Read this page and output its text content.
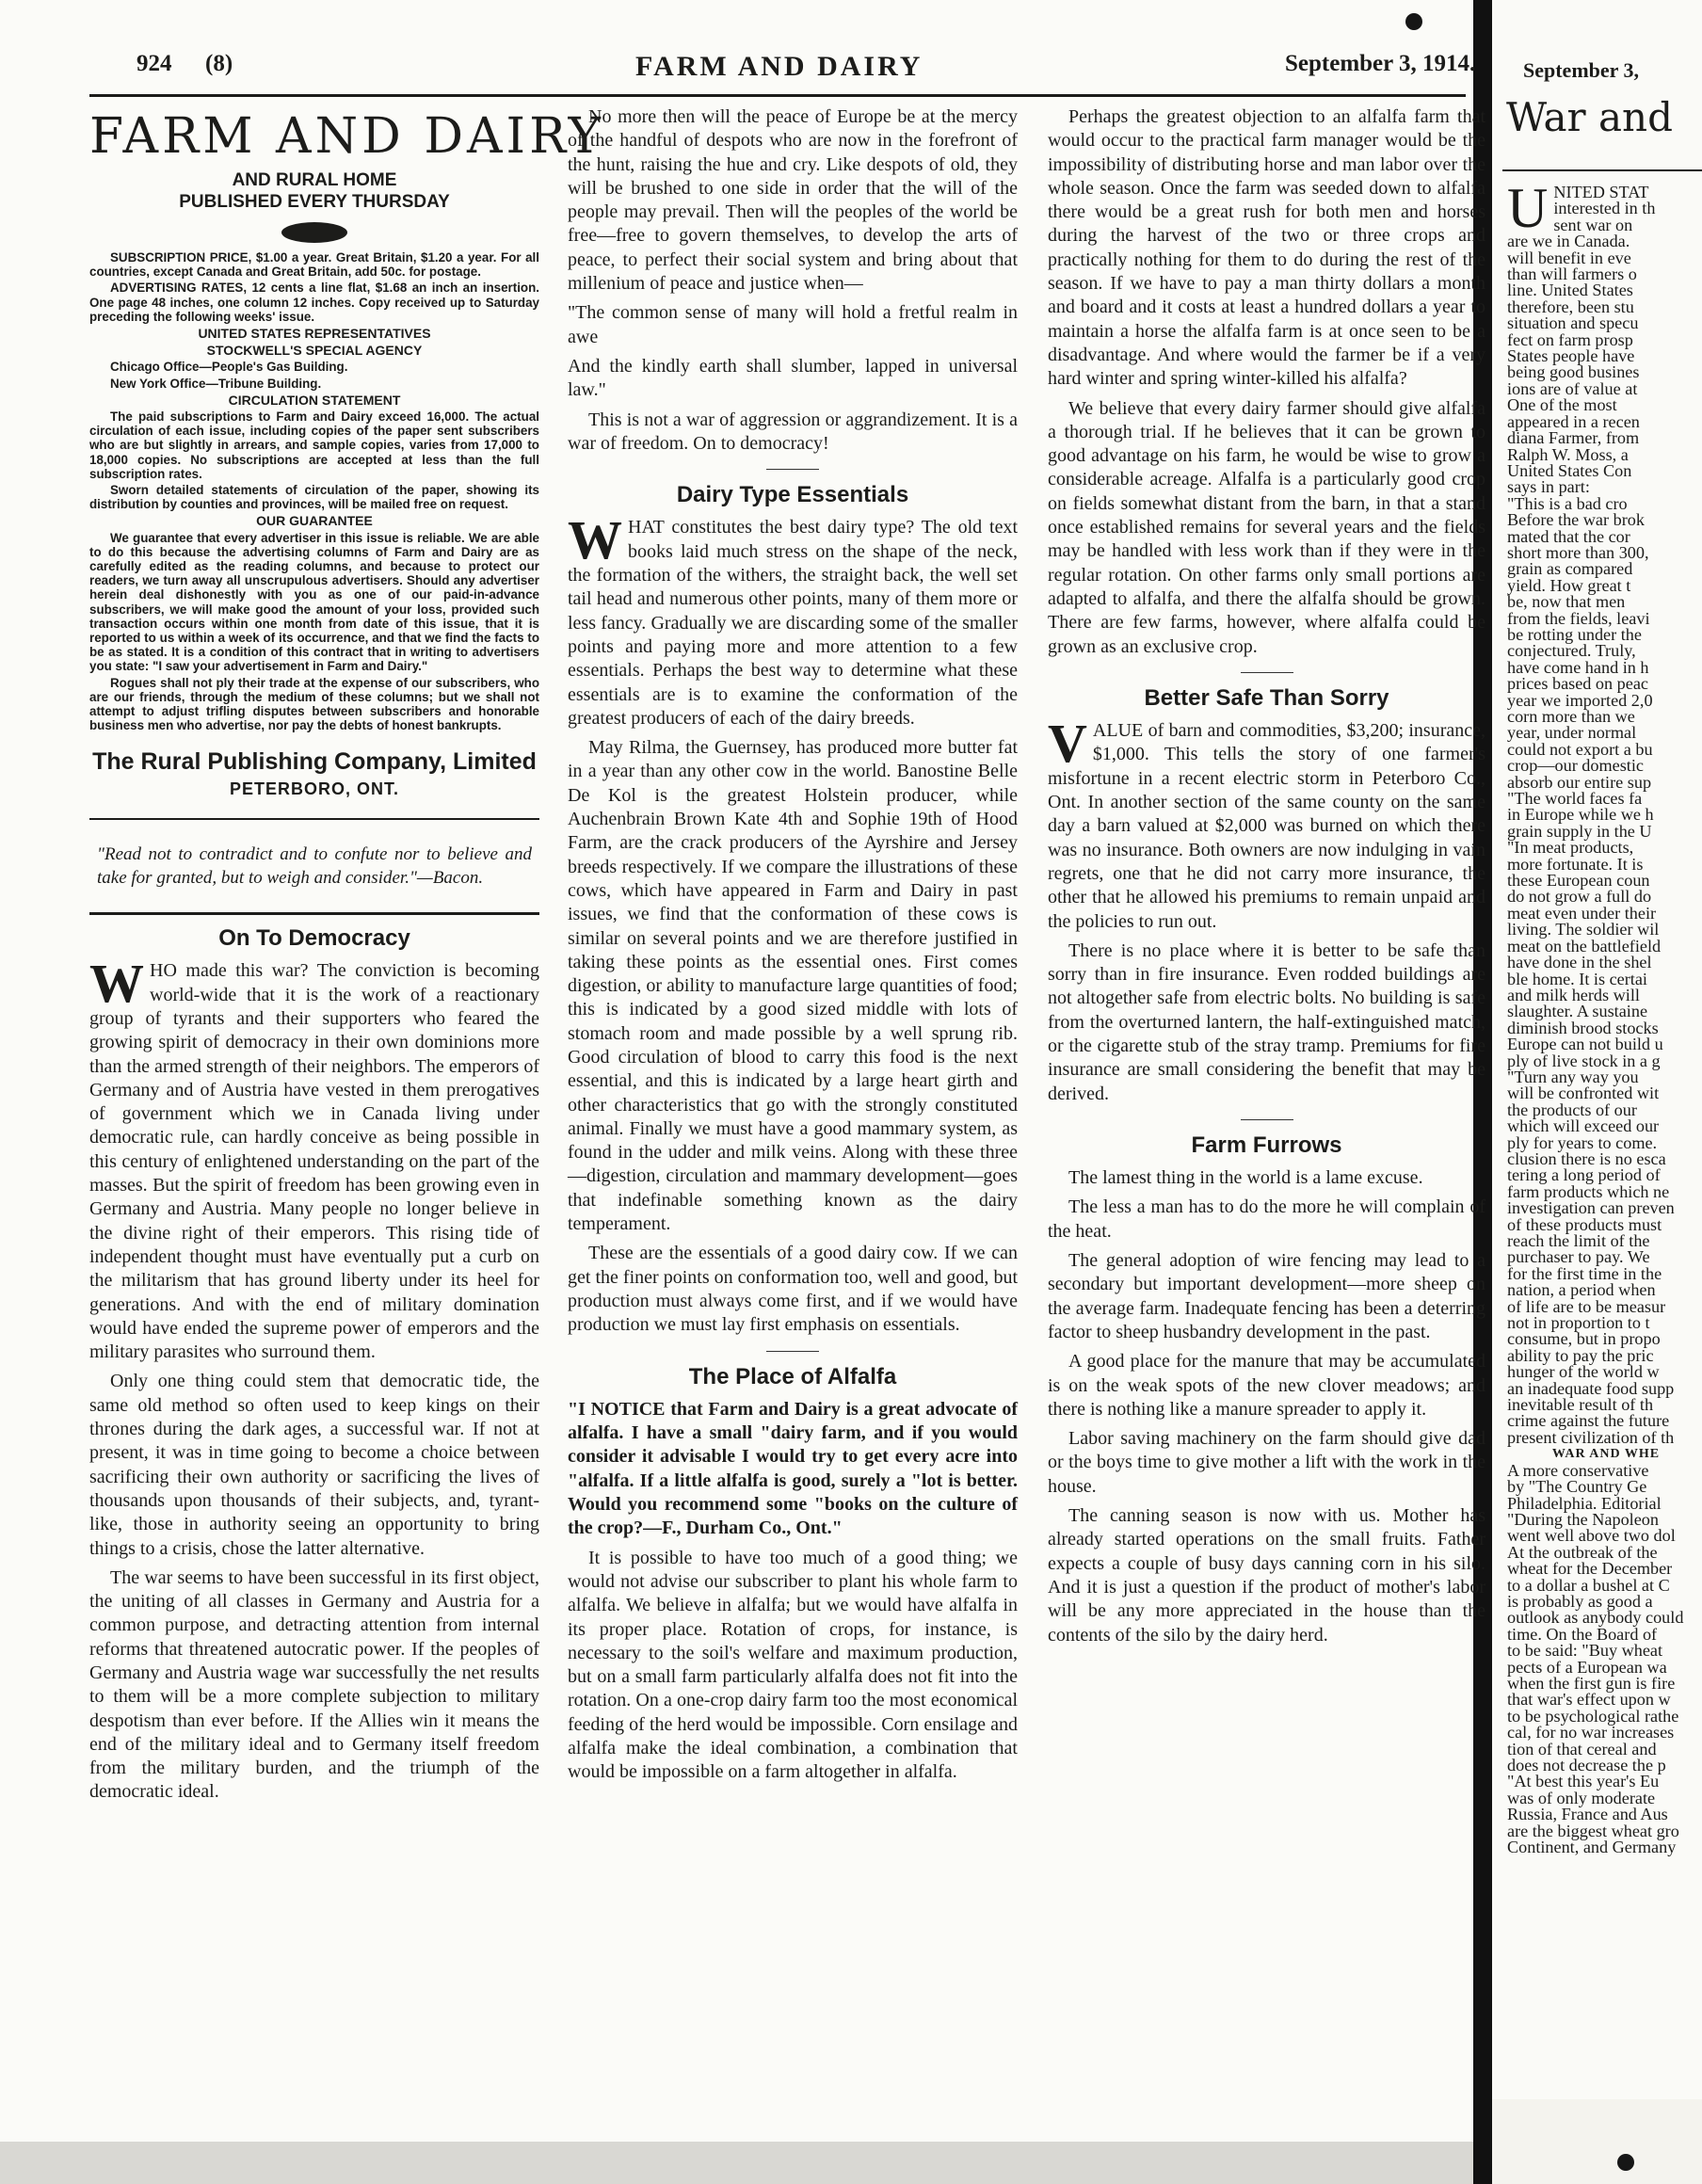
924 (8)	FARM AND DAIRY	September 3, 1914.
FARM AND DAIRY
AND RURAL HOME
PUBLISHED EVERY THURSDAY

SUBSCRIPTION PRICE, $1.00 a year. Great Britain, $1.20 a year. For all countries, except Canada and Great Britain, add 50c. for postage.

ADVERTISING RATES, 12 cents a line flat, $1.68 an inch an insertion. One page 48 inches, one column 12 inches. Copy received up to Saturday preceding the following weeks' issue.

UNITED STATES REPRESENTATIVES

STOCKWELL'S SPECIAL AGENCY

Chicago Office—People's Gas Building.

New York Office—Tribune Building.

CIRCULATION STATEMENT

The paid subscriptions to Farm and Dairy exceed 16,000. The actual circulation of each issue, including copies of the paper sent subscribers who are but slightly in arrears, and sample copies, varies from 17,000 to 18,000 copies. No subscriptions are accepted at less than the full subscription rates.

Sworn detailed statements of circulation of the paper, showing its distribution by counties and provinces, will be mailed free on request.

OUR GUARANTEE

We guarantee that every advertiser in this issue is reliable. We are able to do this because the advertising columns of Farm and Dairy are as carefully edited as the reading columns, and because to protect our readers, we turn away all unscrupulous advertisers. Should any advertiser herein deal dishonestly with you as one of our paid-in-advance subscribers, we will make good the amount of your loss, provided such transaction occurs within one month from date of this issue, that it is reported to us within a week of its occurrence, and that we find the facts to be as stated. It is a condition of this contract that in writing to advertisers you state: "I saw your advertisement in Farm and Dairy."

Rogues shall not ply their trade at the expense of our subscribers, who are our friends, through the medium of these columns; but we shall not attempt to adjust trifling disputes between subscribers and honorable business men who advertise, nor pay the debts of honest bankrupts.

The Rural Publishing Company, Limited
PETERBORO, ONT.
"Read not to contradict and to confute nor to believe and take for granted, but to weigh and consider."—Bacon.
On To Democracy

WHO made this war? The conviction is becoming world-wide that it is the work of a reactionary group of tyrants and their supporters who feared the growing spirit of democracy in their own dominions more than the armed strength of their neighbors. The emperors of Germany and of Austria have vested in them prerogatives of government which we in Canada living under democratic rule, can hardly conceive as being possible in this century of enlightened understanding on the part of the masses. But the spirit of freedom has been growing even in Germany and Austria. Many people no longer believe in the divine right of their emperors. This rising tide of independent thought must have eventually put a curb on the militarism that has ground liberty under its heel for generations. And with the end of military domination would have ended the supreme power of emperors and the military parasites who surround them.

Only one thing could stem that democratic tide, the same old method so often used to keep kings on their thrones during the dark ages, a successful war. If not at present, it was in time going to become a choice between sacrificing their own authority or sacrificing the lives of thousands upon thousands of their subjects, and, tyrant-like, those in authority seeing an opportunity to bring things to a crisis, chose the latter alternative.

The war seems to have been successful in its first object, the uniting of all classes in Germany and Austria for a common purpose, and detracting attention from internal reforms that threatened autocratic power. If the peoples of Germany and Austria wage war successfully the net results to them will be a more complete subjection to military despotism than ever before. If the Allies win it means the end of the military ideal and to Germany itself freedom from the military burden, and the triumph of the democratic ideal.

No more then will the peace of Europe be at the mercy of the handful of despots who are now in the forefront of the hunt, raising the hue and cry. Like despots of old, they will be brushed to one side in order that the will of the people may prevail. Then will the peoples of the world be free—free to govern themselves, to develop the arts of peace, to perfect their social system and bring about that millenium of peace and justice when—

"The common sense of many will hold a fretful realm in awe

And the kindly earth shall slumber, lapped in universal law."

This is not a war of aggression or aggrandizement. It is a war of freedom. On to democracy!

Dairy Type Essentials

WHAT constitutes the best dairy type? The old text books laid much stress on the shape of the neck, the formation of the withers, the straight back, the well set tail head and numerous other points, many of them more or less fancy. Gradually we are discarding some of the smaller points and paying more and more attention to a few essentials. Perhaps the best way to determine what these essentials are is to examine the conformation of the greatest producers of each of the dairy breeds.

May Rilma, the Guernsey, has produced more butter fat in a year than any other cow in the world. Banostine Belle De Kol is the greatest Holstein producer, while Auchenbrain Brown Kate 4th and Sophie 19th of Hood Farm, are the crack producers of the Ayrshire and Jersey breeds respectively. If we compare the illustrations of these cows, which have appeared in Farm and Dairy in past issues, we find that the conformation of these cows is similar on several points and we are therefore justified in taking these points as the essential ones. First comes digestion, or ability to manufacture large quantities of food; this is indicated by a good sized middle with lots of stomach room and made possible by a well sprung rib. Good circulation of blood to carry this food is the next essential, and this is indicated by a large heart girth and other characteristics that go with the strongly constituted animal. Finally we must have a good mammary system, as found in the udder and milk veins. Along with these three—digestion, circulation and mammary development—goes that indefinable something known as the dairy temperament.

These are the essentials of a good dairy cow. If we can get the finer points on conformation too, well and good, but production must always come first, and if we would have production we must lay first emphasis on essentials.

The Place of Alfalfa

"I NOTICE that Farm and Dairy is a great advocate of alfalfa. I have a small "dairy farm, and if you would consider it advisable I would try to get every acre into "alfalfa. If a little alfalfa is good, surely a "lot is better. Would you recommend some "books on the culture of the crop?—F., Durham Co., Ont."

It is possible to have too much of a good thing; we would not advise our subscriber to plant his whole farm to alfalfa. We believe in alfalfa; but we would have alfalfa in its proper place. Rotation of crops, for instance, is necessary to the soil's welfare and maximum production, but on a small farm particularly alfalfa does not fit into the rotation. On a one-crop dairy farm too the most economical feeding of the herd would be impossible. Corn ensilage and alfalfa make the ideal combination, a combination that would be impossible on a farm altogether in alfalfa.

Perhaps the greatest objection to an alfalfa farm that would occur to the practical farm manager would be the impossibility of distributing horse and man labor over the whole season. Once the farm was seeded down to alfalfa there would be a great rush for both men and horses during the harvest of the two or three crops and practically nothing for them to do during the rest of the season. If we have to pay a man thirty dollars a month and board and it costs at least a hundred dollars a year to maintain a horse the alfalfa farm is at once seen to be a disadvantage. And where would the farmer be if a very hard winter and spring winter-killed his alfalfa?

We believe that every dairy farmer should give alfalfa a thorough trial. If he believes that it can be grown to good advantage on his farm, he would be wise to grow a considerable acreage. Alfalfa is a particularly good crop on fields somewhat distant from the barn, in that a stand once established remains for several years and the fields may be handled with less work than if they were in the regular rotation. On other farms only small portions are adapted to alfalfa, and there the alfalfa should be grown. There are few farms, however, where alfalfa could be grown as an exclusive crop.

Better Safe Than Sorry

VALUE of barn and commodities, $3,200; insurance, $1,000. This tells the story of one farmer's misfortune in a recent electric storm in Peterboro Co., Ont. In another section of the same county on the same day a barn valued at $2,000 was burned on which there was no insurance. Both owners are now indulging in vain regrets, one that he did not carry more insurance, the other that he allowed his premiums to remain unpaid and the policies to run out.

There is no place where it is better to be safe than sorry than in fire insurance. Even rodded buildings are not altogether safe from electric bolts. No building is safe from the overturned lantern, the half-extinguished match, or the cigarette stub of the stray tramp. Premiums for fire insurance are small considering the benefit that may be derived.

Farm Furrows

The lamest thing in the world is a lame excuse.

The less a man has to do the more he will complain of the heat.

The general adoption of wire fencing may lead to a secondary but important development—more sheep on the average farm. Inadequate fencing has been a deterring factor to sheep husbandry development in the past.

A good place for the manure that may be accumulated is on the weak spots of the new clover meadows; and there is nothing like a manure spreader to apply it.

Labor saving machinery on the farm should give dad or the boys time to give mother a lift with the work in the house.

The canning season is now with us. Mother has already started operations on the small fruits. Father expects a couple of busy days canning corn in his silo. And it is just a question if the product of mother's labor will be any more appreciated in the house than the contents of the silo by the dairy herd.

September 3,
War and
U NITED STAT
interested in th
sent war on
are we in Canada.
will benefit in eve
than will farmers o
line. United States
therefore, been stu
situation and specu
fect on farm prosp
States people have
being good busines
ions are of value at
One of the most
appeared in a recen
diana Farmer, from
Ralph W. Moss, a
United States Con
says in part:
"This is a bad cro
Before the war brok
mated that the cor
short more than 300,
grain as compared
yield. How great t
be, now that men
from the fields, leavi
be rotting under the
conjectured. Truly,
have come hand in h
prices based on peac
year we imported 2,0
corn more than we
year, under normal
could not export a bu
crop—our domestic
absorb our entire sup
"The world faces fa
in Europe while we h
grain supply in the U
"In meat products,
more fortunate. It is
these European coun
do not grow a full do
meat even under their
living. The soldier wil
meat on the battlefield
have done in the shel
ble home. It is certai
and milk herds will
slaughter. A sustaine
diminish brood stocks
Europe can not build u
ply of live stock in a g
"Turn any way you
will be confronted wit
the products of our
which will exceed our
ply for years to come.
clusion there is no esca
tering a long period of
farm products which ne
investigation can preven
of these products must
reach the limit of the
purchaser to pay. We
for the first time in the
nation, a period when
of life are to be measur
not in proportion to t
consume, but in propo
ability to pay the pric
hunger of the world w
an inadequate food supp
inevitable result of th
crime against the future
present civilization of th
WAR AND WHE
A more conservative
by "The Country Ge
Philadelphia. Editorial
"During the Napoleon
went well above two dol
At the outbreak of the
wheat for the December
to a dollar a bushel at C
is probably as good a
outlook as anybody could
time. On the Board of
to be said: "Buy wheat
pects of a European wa
when the first gun is fire
that war's effect upon w
to be psychological rathe
cal, for no war increases
tion of that cereal and
does not decrease the p
"At best this year's Eu
was of only moderate
Russia, France and Aus
are the biggest wheat gro
Continent, and Germany
